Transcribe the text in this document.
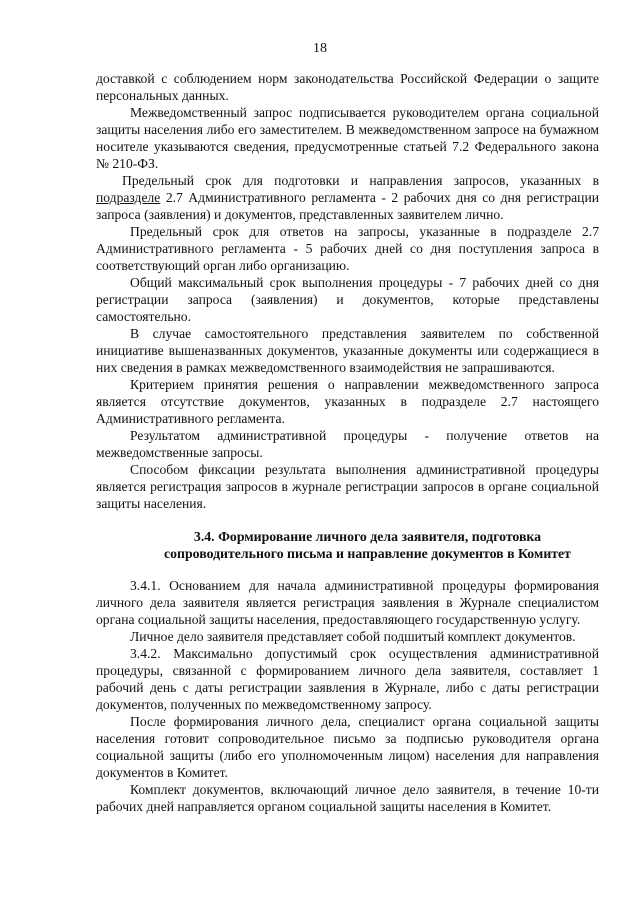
18

доставкой с соблюдением норм законодательства Российской Федерации о защите персональных данных.

Межведомственный запрос подписывается руководителем органа социальной защиты населения либо его заместителем. В межведомственном запросе на бумажном носителе указываются сведения, предусмотренные статьей 7.2 Федерального закона № 210-ФЗ.

Предельный срок для подготовки и направления запросов, указанных в подразделе 2.7 Административного регламента - 2 рабочих дня со дня регистрации запроса (заявления) и документов, представленных заявителем лично.

Предельный срок для ответов на запросы, указанные в подразделе 2.7 Административного регламента - 5 рабочих дней со дня поступления запроса в соответствующий орган либо организацию.

Общий максимальный срок выполнения процедуры - 7 рабочих дней со дня регистрации запроса (заявления) и документов, которые представлены самостоятельно.

В случае самостоятельного представления заявителем по собственной инициативе вышеназванных документов, указанные документы или содержащиеся в них сведения в рамках межведомственного взаимодействия не запрашиваются.

Критерием принятия решения о направлении межведомственного запроса является отсутствие документов, указанных в подразделе 2.7 настоящего Административного регламента.

Результатом административной процедуры - получение ответов на межведомственные запросы.

Способом фиксации результата выполнения административной процедуры является регистрация запросов в журнале регистрации запросов в органе социальной защиты населения.

3.4. Формирование личного дела заявителя, подготовка
сопроводительного письма и направление документов в Комитет

3.4.1. Основанием для начала административной процедуры формирования личного дела заявителя является регистрация заявления в Журнале специалистом органа социальной защиты населения, предоставляющего государственную услугу.

Личное дело заявителя представляет собой подшитый комплект документов.

3.4.2. Максимально допустимый срок осуществления административной процедуры, связанной с формированием личного дела заявителя, составляет 1 рабочий день с даты регистрации заявления в Журнале, либо с даты регистрации документов, полученных по межведомственному запросу.

После формирования личного дела, специалист органа социальной защиты населения готовит сопроводительное письмо за подписью руководителя органа социальной защиты (либо его уполномоченным лицом) населения для направления документов в Комитет.

Комплект документов, включающий личное дело заявителя, в течение 10-ти рабочих дней направляется органом социальной защиты населения в Комитет.
